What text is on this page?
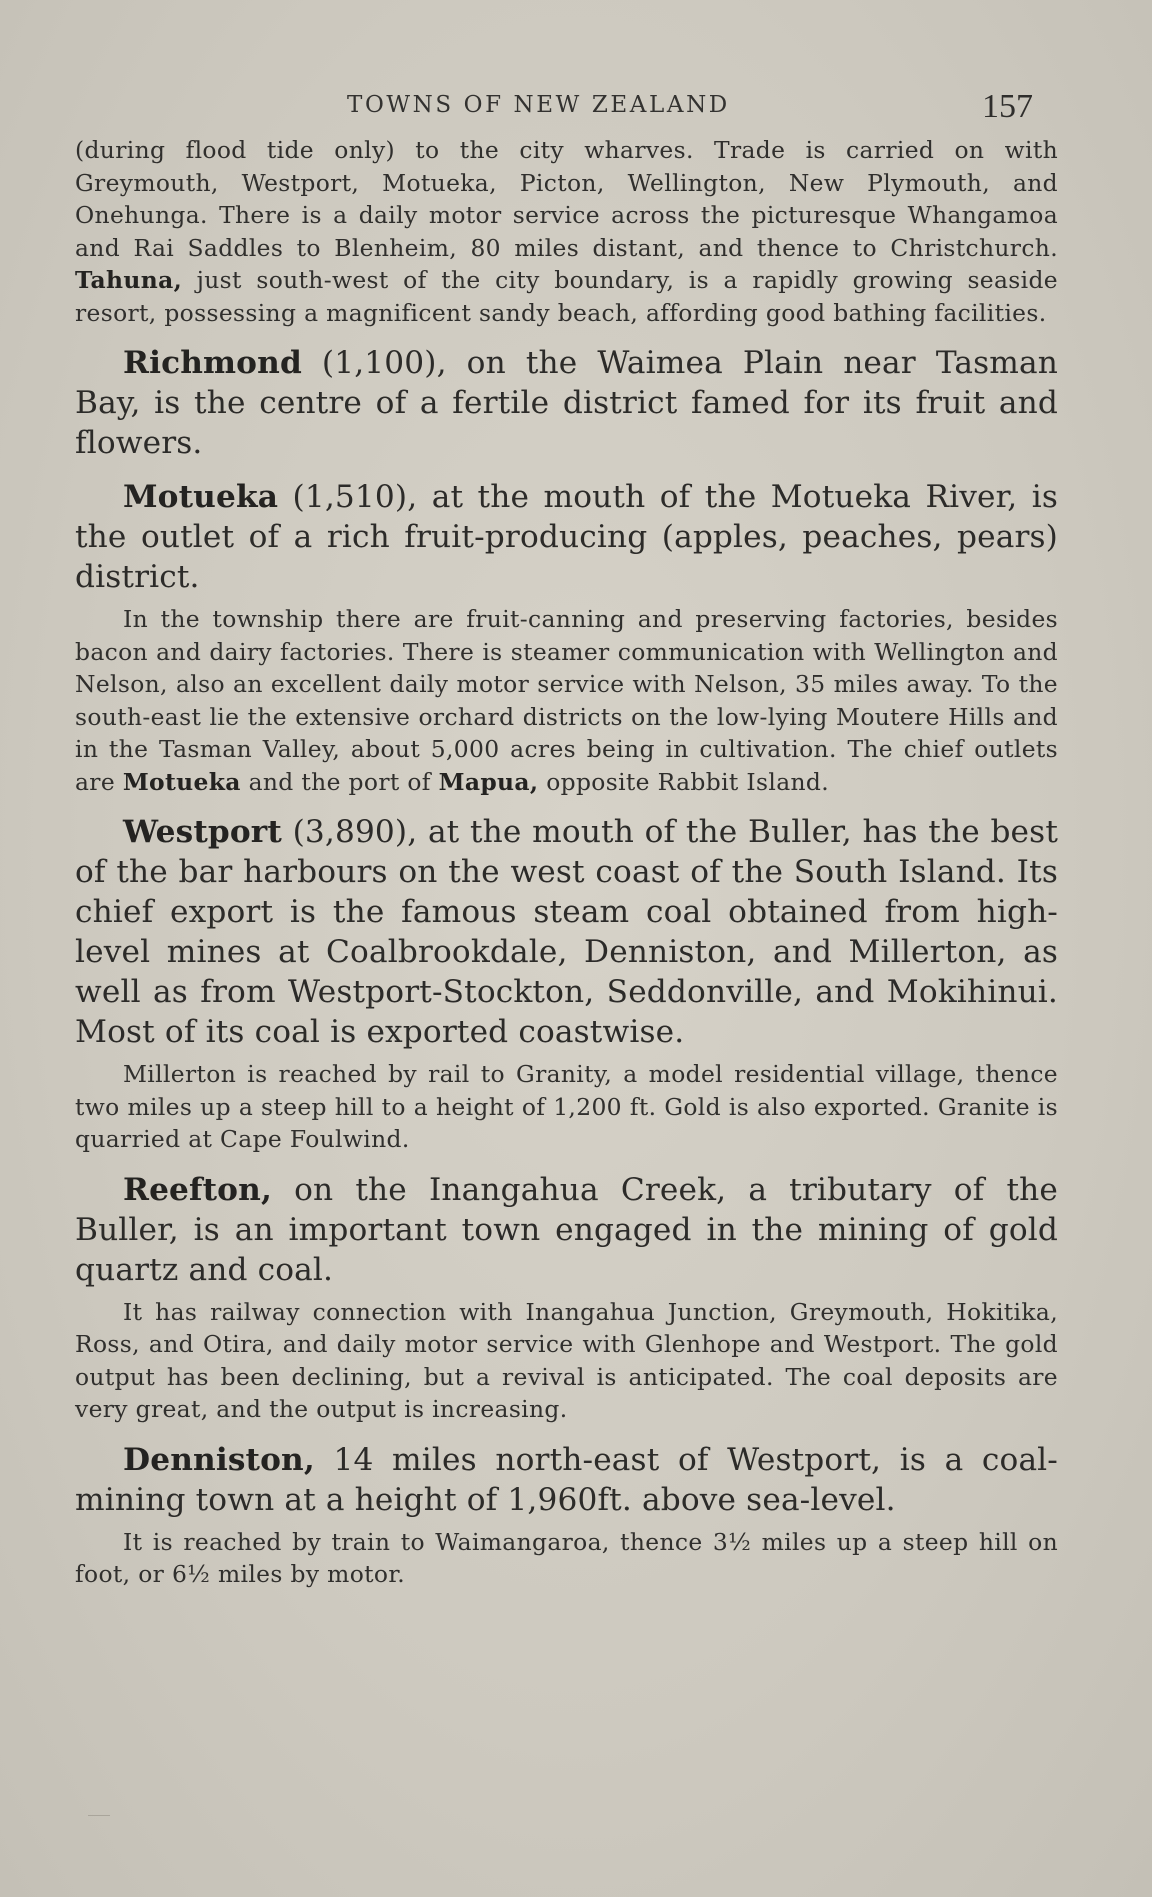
TOWNS OF NEW ZEALAND	157

(during flood tide only) to the city wharves. Trade is carried on with Greymouth, Westport, Motueka, Picton, Wellington, New Plymouth, and Onehunga. There is a daily motor service across the picturesque Whangamoa and Rai Saddles to Blenheim, 80 miles distant, and thence to Christchurch. Tahuna, just south-west of the city boundary, is a rapidly growing seaside resort, possessing a magnificent sandy beach, affording good bathing facilities.

Richmond (1,100), on the Waimea Plain near Tasman Bay, is the centre of a fertile district famed for its fruit and flowers.

Motueka (1,510), at the mouth of the Motueka River, is the outlet of a rich fruit-producing (apples, peaches, pears) district.

In the township there are fruit-canning and preserving factories, besides bacon and dairy factories. There is steamer communication with Wellington and Nelson, also an excellent daily motor service with Nelson, 35 miles away. To the south-east lie the extensive orchard districts on the low-lying Moutere Hills and in the Tasman Valley, about 5,000 acres being in cultivation. The chief outlets are Motueka and the port of Mapua, opposite Rabbit Island.

Westport (3,890), at the mouth of the Buller, has the best of the bar harbours on the west coast of the South Island. Its chief export is the famous steam coal obtained from high-level mines at Coalbrookdale, Denniston, and Millerton, as well as from Westport-Stockton, Seddonville, and Mokihinui. Most of its coal is exported coastwise.

Millerton is reached by rail to Granity, a model residential village, thence two miles up a steep hill to a height of 1,200 ft. Gold is also exported. Granite is quarried at Cape Foulwind.

Reefton, on the Inangahua Creek, a tributary of the Buller, is an important town engaged in the mining of gold quartz and coal.

It has railway connection with Inangahua Junction, Greymouth, Hokitika, Ross, and Otira, and daily motor service with Glenhope and Westport. The gold output has been declining, but a revival is anticipated. The coal deposits are very great, and the output is increasing.

Denniston, 14 miles north-east of Westport, is a coal-mining town at a height of 1,960ft. above sea-level.

It is reached by train to Waimangaroa, thence 3½ miles up a steep hill on foot, or 6½ miles by motor.
